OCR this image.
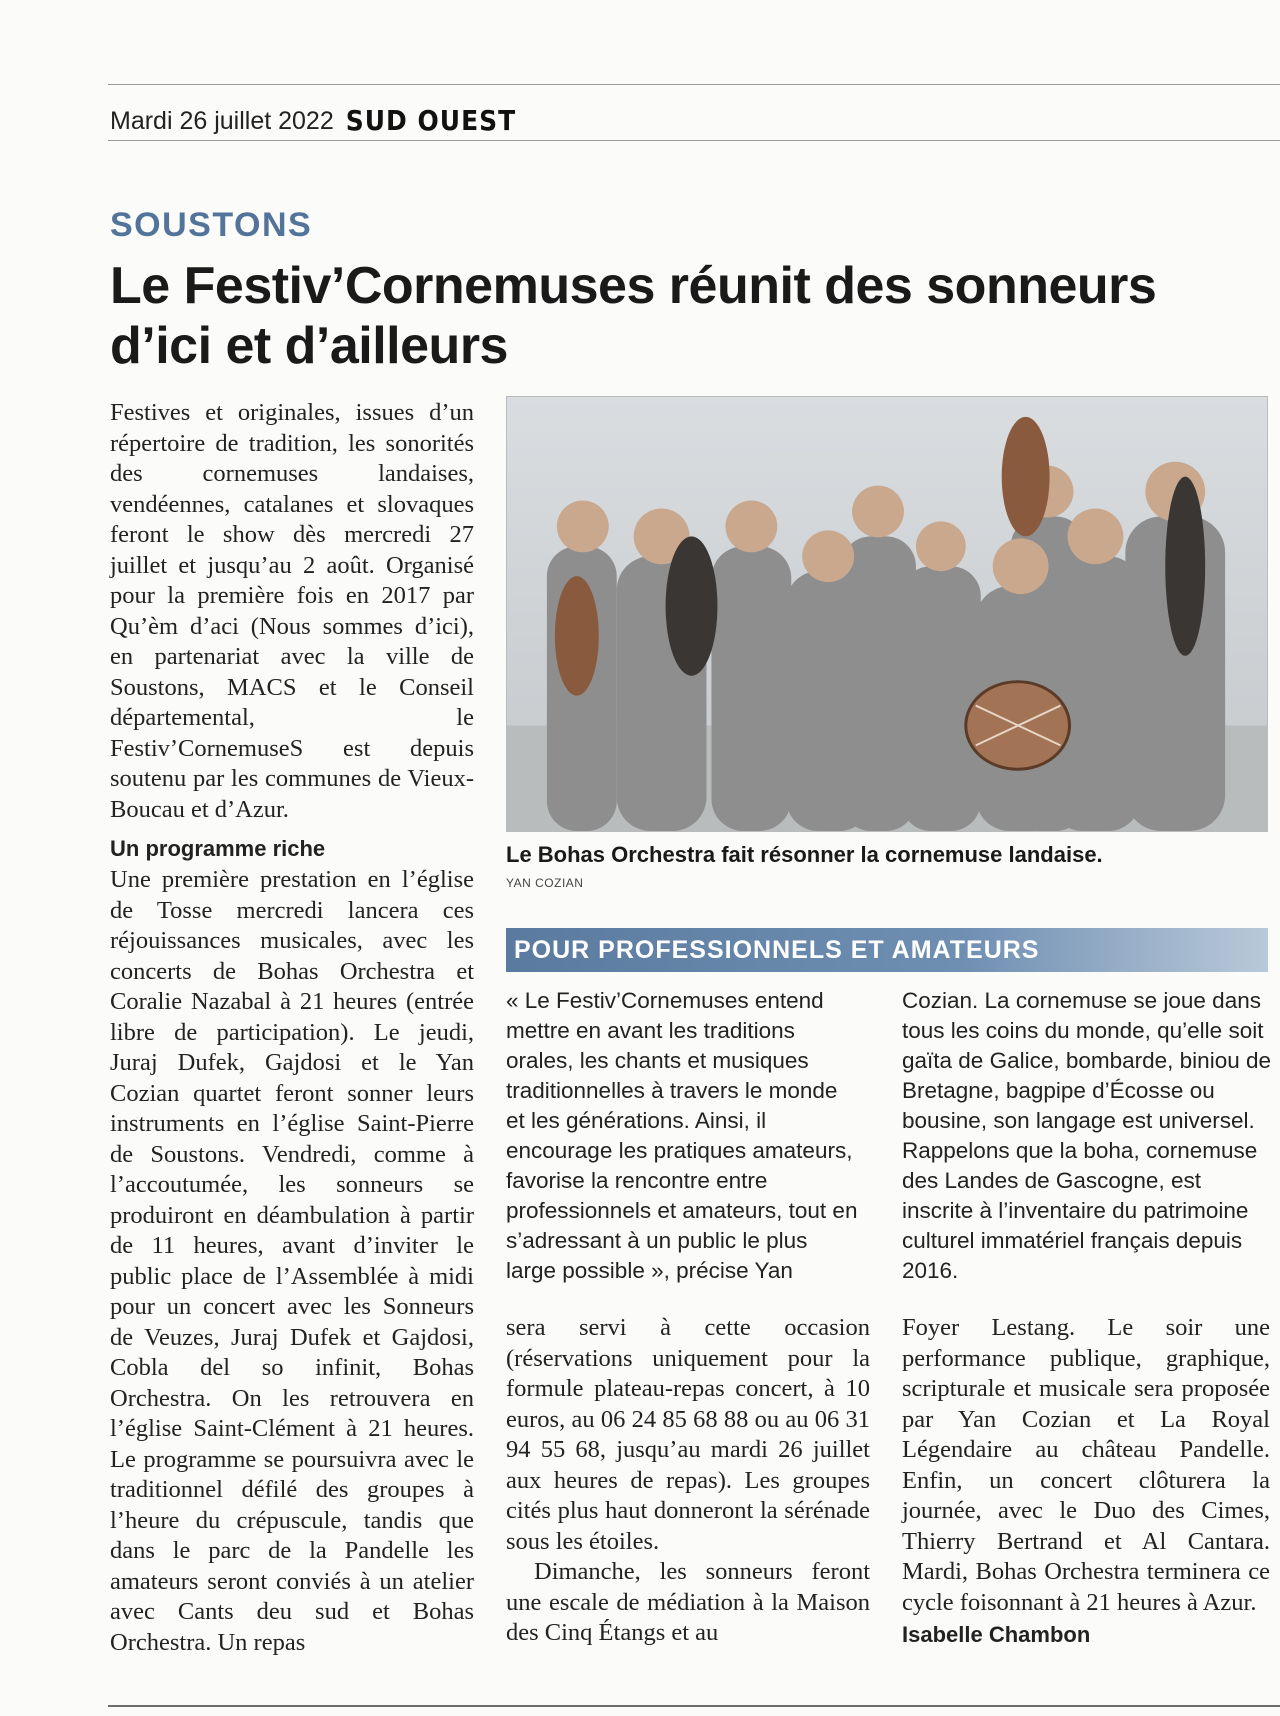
Mardi 26 juillet 2022 SUD OUEST
SOUSTONS
Le Festiv’Cornemuses réunit des sonneurs d’ici et d’ailleurs

Festives et originales, issues d’un répertoire de tradition, les sonorités des cornemuses landaises, vendéennes, catalanes et slovaques feront le show dès mercredi 27 juillet et jusqu’au 2 août. Organisé pour la première fois en 2017 par Qu’èm d’aci (Nous sommes d’ici), en partenariat avec la ville de Soustons, MACS et le Conseil départemental, le Festiv’CornemuseS est depuis soutenu par les communes de Vieux-Boucau et d’Azur.

Un programme riche

Une première prestation en l’église de Tosse mercredi lancera ces réjouissances musicales, avec les concerts de Bohas Orchestra et Coralie Nazabal à 21 heures (entrée libre de participation). Le jeudi, Juraj Dufek, Gajdosi et le Yan Cozian quartet feront sonner leurs instruments en l’église Saint-Pierre de Soustons. Vendredi, comme à l’accoutumée, les sonneurs se produiront en déambulation à partir de 11 heures, avant d’inviter le public place de l’Assemblée à midi pour un concert avec les Sonneurs de Veuzes, Juraj Dufek et Gajdosi, Cobla del so infinit, Bohas Orchestra. On les retrouvera en l’église Saint-Clément à 21 heures. Le programme se poursuivra avec le traditionnel défilé des groupes à l’heure du crépuscule, tandis que dans le parc de la Pandelle les amateurs seront conviés à un atelier avec Cants deu sud et Bohas Orchestra. Un repas

Le Bohas Orchestra fait résonner la cornemuse landaise.
YAN COZIAN
POUR PROFESSIONNELS ET AMATEURS

« Le Festiv’Cornemuses entend mettre en avant les traditions orales, les chants et musiques traditionnelles à travers le monde et les générations. Ainsi, il encourage les pratiques amateurs, favorise la rencontre entre professionnels et amateurs, tout en s’adressant à un public le plus large possible », précise Yan

Cozian. La cornemuse se joue dans tous les coins du monde, qu’elle soit gaïta de Galice, bombarde, biniou de Bretagne, bagpipe d’Écosse ou bousine, son langage est universel. Rappelons que la boha, cornemuse des Landes de Gascogne, est inscrite à l’inventaire du patrimoine culturel immatériel français depuis 2016.

sera servi à cette occasion (réservations uniquement pour la formule plateau-repas concert, à 10 euros, au 06 24 85 68 88 ou au 06 31 94 55 68, jusqu’au mardi 26 juillet aux heures de repas). Les groupes cités plus haut donneront la sérénade sous les étoiles.

Dimanche, les sonneurs feront une escale de médiation à la Maison des Cinq Étangs et au

Foyer Lestang. Le soir une performance publique, graphique, scripturale et musicale sera proposée par Yan Cozian et La Royal Légendaire au château Pandelle. Enfin, un concert clôturera la journée, avec le Duo des Cimes, Thierry Bertrand et Al Cantara. Mardi, Bohas Orchestra terminera ce cycle foisonnant à 21 heures à Azur.

Isabelle Chambon
